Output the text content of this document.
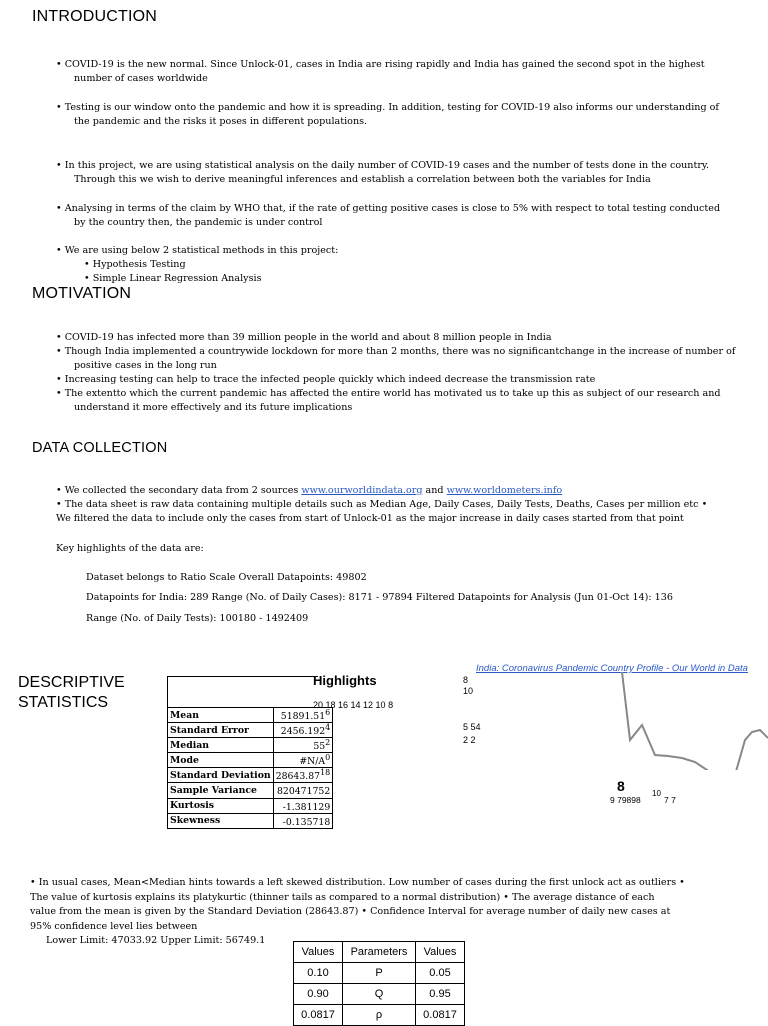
INTRODUCTION
• COVID-19 is the new normal. Since Unlock-01, cases in India are rising rapidly and India has gained the second spot in the highest
number of cases worldwide
• Testing is our window onto the pandemic and how it is spreading. In addition, testing for COVID-19 also informs our understanding of
the pandemic and the risks it poses in different populations.
• In this project, we are using statistical analysis on the daily number of COVID-19 cases and the number of tests done in the country.
Through this we wish to derive meaningful inferences and establish a correlation between both the variables for India
• Analysing in terms of the claim by WHO that, if the rate of getting positive cases is close to 5% with respect to total testing conducted
by the country then, the pandemic is under control
• We are using below 2 statistical methods in this project:
• Hypothesis Testing
• Simple Linear Regression Analysis
MOTIVATION
• COVID-19 has infected more than 39 million people in the world and about 8 million people in India
• Though India implemented a countrywide lockdown for more than 2 months, there was no significantchange in the increase of number of
positive cases in the long run
• Increasing testing can help to trace the infected people quickly which indeed decrease the transmission rate
• The extentto which the current pandemic has affected the entire world has motivated us to take up this as subject of our research and
understand it more effectively and its future implications
DATA COLLECTION
• We collected the secondary data from 2 sources www.ourworldindata.org and www.worldometers.info
• The data sheet is raw data containing multiple details such as Median Age, Daily Cases, Daily Tests, Deaths, Cases per million etc •
We filtered the data to include only the cases from start of Unlock-01 as the major increase in daily cases started from that point
Key highlights of the data are:
Dataset belongs to Ratio Scale Overall Datapoints: 49802
Datapoints for India: 289 Range (No. of Daily Cases): 8171 - 97894 Filtered Datapoints for Analysis (Jun 01-Oct 14): 136
Range (No. of Daily Tests): 100180 - 1492409
DESCRIPTIVE
STATISTICS
Highlights
20 18 16 14 12 10 8
Mean	51891.51$^6$
Standard Error	2456.192$^4$
Median	$55^2$
Mode	$\#N/A^0$
Standard Deviation	28643.87$^{18}$
Sample Variance	820471752
Kurtosis	-1.381129
Skewness	-0.135718
India: Coronavirus Pandemic Country Profile - Our World in Data
8
10
5 54
2 2
8
9 79898
10
7 7
• In usual cases, Mean<Median hints towards a left skewed distribution. Low number of cases during the first unlock act as outliers •
The value of kurtosis explains its platykurtic (thinner tails as compared to a normal distribution) • The average distance of each
value from the mean is given by the Standard Deviation (28643.87) • Confidence Interval for average number of daily new cases at
95% confidence level lies between
Lower Limit: 47033.92 Upper Limit: 56749.1
Values	Parameters	Values
0.10	P	0.05
0.90	Q	0.95
0.0817	ρ	0.0817
